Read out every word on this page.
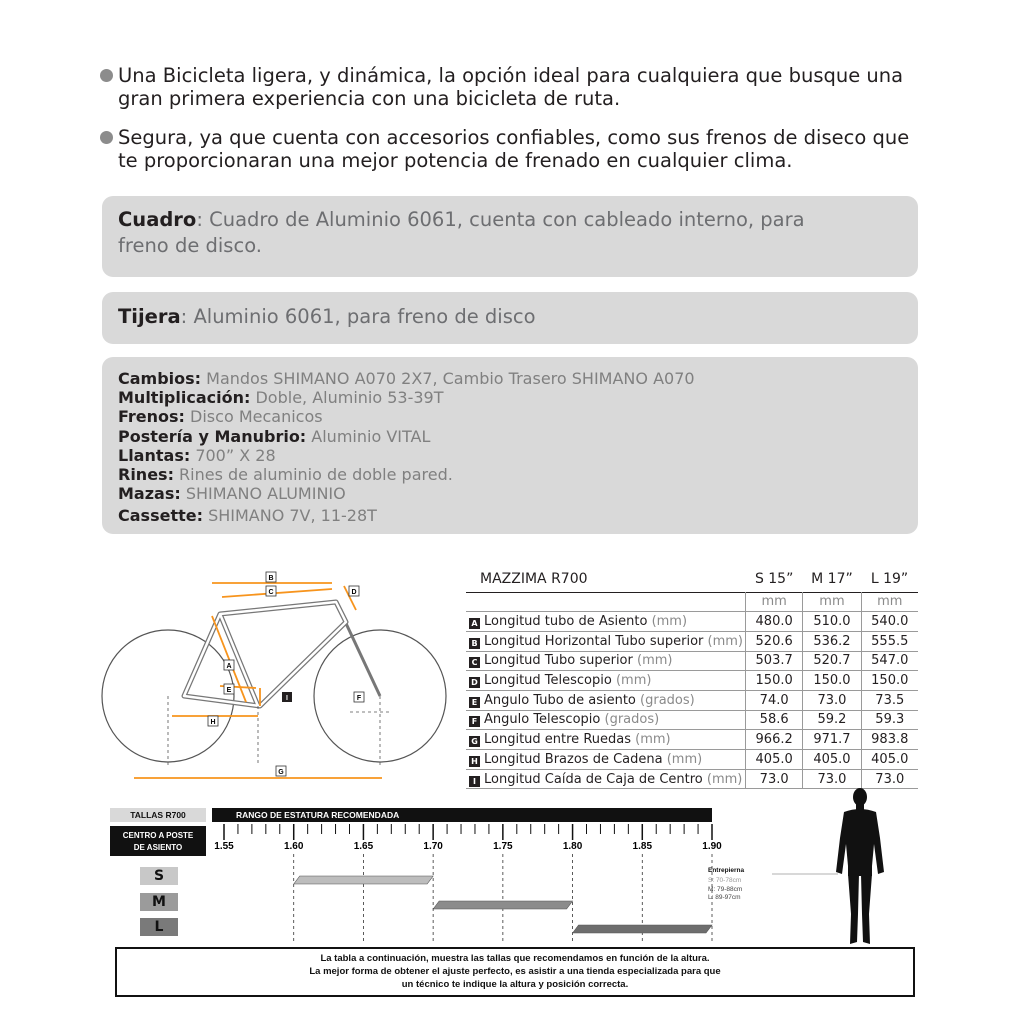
Una Bicicleta ligera, y dinámica, la opción ideal para cualquiera que busque una gran primera experiencia con una bicicleta de ruta.
Segura, ya que cuenta con accesorios confiables, como sus frenos de diseco que te proporcionaran una mejor potencia de frenado en cualquier clima.
Cuadro: Cuadro de Aluminio 6061, cuenta con cableado interno, para freno de disco.
Tijera: Aluminio 6061, para freno de disco
Cambios: Mandos SHIMANO A070 2X7, Cambio Trasero SHIMANO A070
Multiplicación: Doble, Aluminio 53-39T
Frenos: Disco Mecanicos
Postería y Manubrio: Aluminio VITAL
Llantas: 700” X 28
Rines: Rines de aluminio de doble pared.
Mazas: SHIMANO ALUMINIO
Cassette: SHIMANO 7V, 11-28T
B
C	D
A
E
I
H
F
G
MAZZIMA R700	S 15”	M 17”	L 19”
	mm	mm	mm
A Longitud tubo de Asiento (mm)	480.0	510.0	540.0
B Longitud Horizontal Tubo superior (mm)	520.6	536.2	555.5
C Longitud Tubo superior (mm)	503.7	520.7	547.0
D Longitud Telescopio (mm)	150.0	150.0	150.0
E Angulo Tubo de asiento (grados)	74.0	73.0	73.5
F Angulo Telescopio (grados)	58.6	59.2	59.3
G Longitud entre Ruedas (mm)	966.2	971.7	983.8
H Longitud Brazos de Cadena (mm)	405.0	405.0	405.0
I Longitud Caída de Caja de Centro (mm)	73.0	73.0	73.0
TALLAS R700	RANGO DE ESTATURA RECOMENDADA
CENTRO A POSTE
DE ASIENTO	1.55	1.60	1.65	1.70	1.75	1.80	1.85	1.90
Entrepierna
S: 70-78cm
M: 79-88cm
L: 89-97cm
La tabla a continuación, muestra las tallas que recomendamos en función de la altura.
La mejor forma de obtener el ajuste perfecto, es asistir a una tienda especializada para que
un técnico te indique la altura y posición correcta.
S
M
L
